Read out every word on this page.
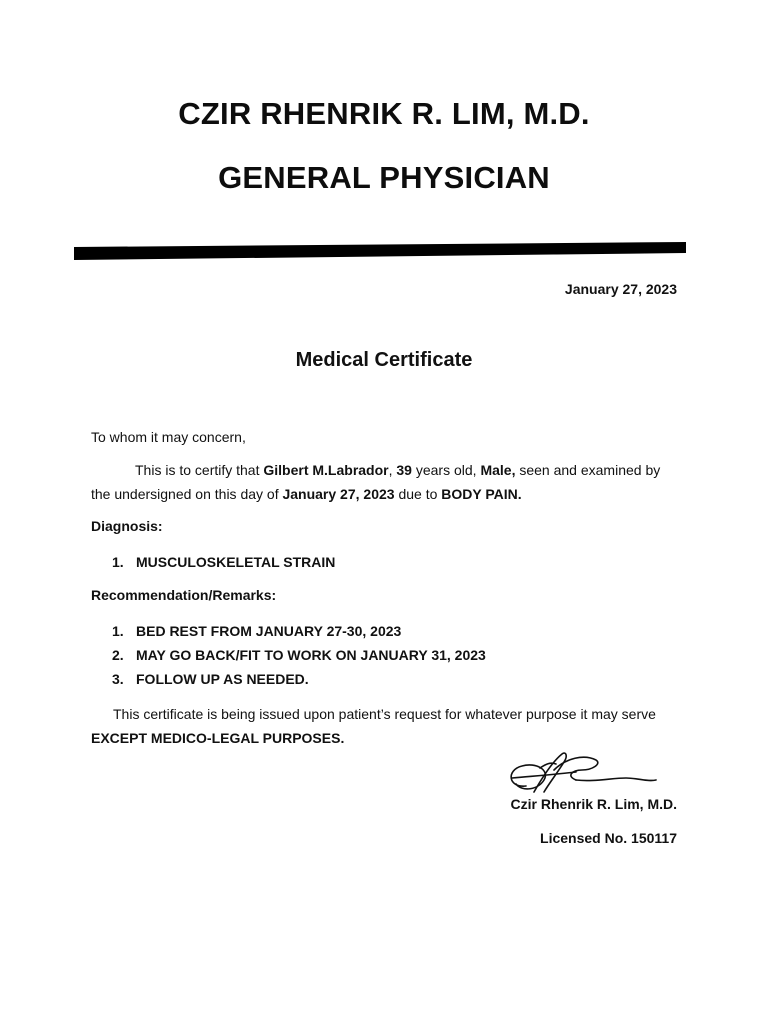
CZIR RHENRIK R. LIM, M.D.
GENERAL PHYSICIAN
January 27, 2023
Medical Certificate
To whom it may concern,
This is to certify that Gilbert M.Labrador, 39 years old, Male, seen and examined by the undersigned on this day of January 27, 2023 due to BODY PAIN.
Diagnosis:
1. MUSCULOSKELETAL STRAIN
Recommendation/Remarks:
1. BED REST FROM JANUARY 27-30, 2023
2. MAY GO BACK/FIT TO WORK ON JANUARY 31, 2023
3. FOLLOW UP AS NEEDED.
This certificate is being issued upon patient’s request for whatever purpose it may serve EXCEPT MEDICO-LEGAL PURPOSES.
Czir Rhenrik R. Lim, M.D.
Licensed No. 150117
